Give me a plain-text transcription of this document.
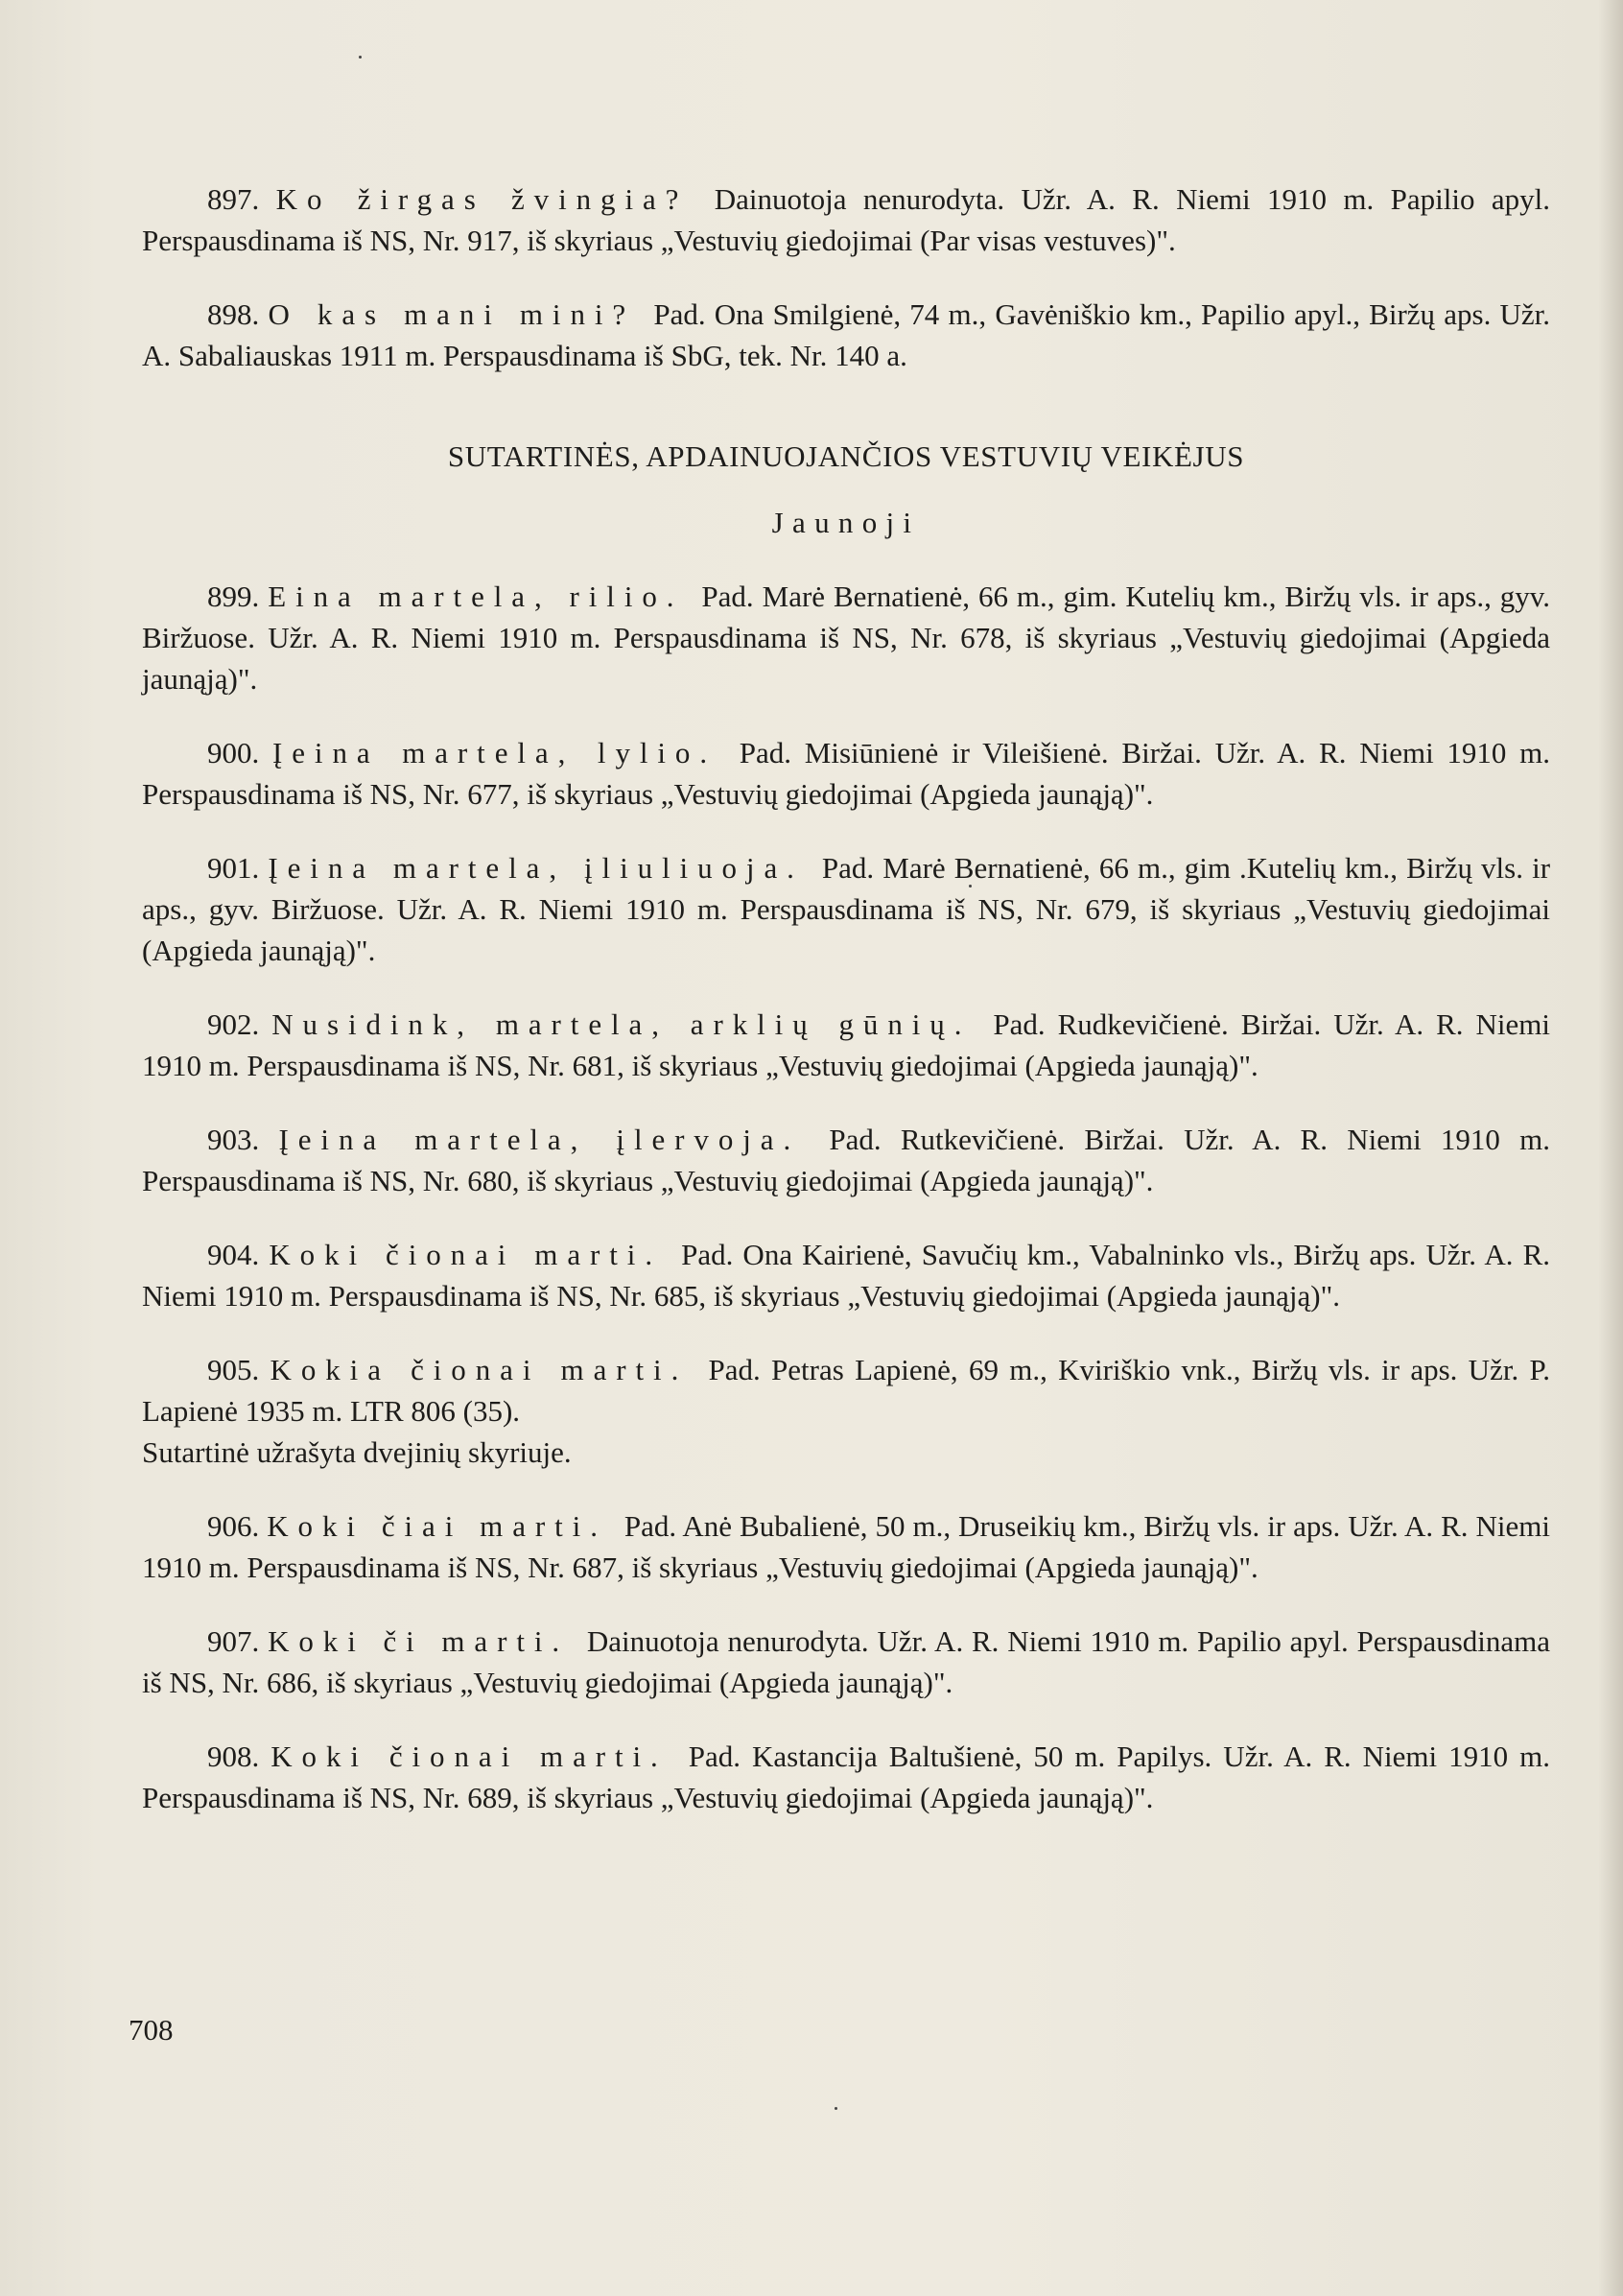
897. Ko žirgas žvingia? Dainuotoja nenurodyta. Užr. A. R. Niemi 1910 m. Papilio apyl. Perspausdinama iš NS, Nr. 917, iš skyriaus „Vestuvių giedojimai (Par visas vestuves)".

898. O kas mani mini? Pad. Ona Smilgienė, 74 m., Gavėniškio km., Papilio apyl., Biržų aps. Užr. A. Sabaliauskas 1911 m. Perspausdinama iš SbG, tek. Nr. 140 a.

SUTARTINĖS, APDAINUOJANČIOS VESTUVIŲ VEIKĖJUS
Jaunoji

899. Eina martela, rilio. Pad. Marė Bernatienė, 66 m., gim. Kutelių km., Biržų vls. ir aps., gyv. Biržuose. Užr. A. R. Niemi 1910 m. Perspausdinama iš NS, Nr. 678, iš skyriaus „Vestuvių giedojimai (Apgieda jaunąją)".

900. Įeina martela, lylio. Pad. Misiūnienė ir Vileišienė. Biržai. Užr. A. R. Niemi 1910 m. Perspausdinama iš NS, Nr. 677, iš skyriaus „Vestuvių giedojimai (Apgieda jaunąją)".

901. Įeina martela, įliuliuoja. Pad. Marė Bernatienė, 66 m., gim .Kutelių km., Biržų vls. ir aps., gyv. Biržuose. Užr. A. R. Niemi 1910 m. Perspausdinama iš NS, Nr. 679, iš skyriaus „Vestuvių giedojimai (Apgieda jaunąją)".

902. Nusidink, martela, arklių gūnių. Pad. Rudkevičienė. Biržai. Užr. A. R. Niemi 1910 m. Perspausdinama iš NS, Nr. 681, iš skyriaus „Vestuvių giedojimai (Apgieda jaunąją)".

903. Įeina martela, įlervoja. Pad. Rutkevičienė. Biržai. Užr. A. R. Niemi 1910 m. Perspausdinama iš NS, Nr. 680, iš skyriaus „Vestuvių giedojimai (Apgieda jaunąją)".

904. Koki čionai marti. Pad. Ona Kairienė, Savučių km., Vabalninko vls., Biržų aps. Užr. A. R. Niemi 1910 m. Perspausdinama iš NS, Nr. 685, iš skyriaus „Vestuvių giedojimai (Apgieda jaunąją)".

905. Kokia čionai marti. Pad. Petras Lapienė, 69 m., Kviriškio vnk., Biržų vls. ir aps. Užr. P. Lapienė 1935 m. LTR 806 (35).
Sutartinė užrašyta dvejinių skyriuje.

906. Koki čiai marti. Pad. Anė Bubalienė, 50 m., Druseikių km., Biržų vls. ir aps. Užr. A. R. Niemi 1910 m. Perspausdinama iš NS, Nr. 687, iš skyriaus „Vestuvių giedojimai (Apgieda jaunąją)".

907. Koki či marti. Dainuotoja nenurodyta. Užr. A. R. Niemi 1910 m. Papilio apyl. Perspausdinama iš NS, Nr. 686, iš skyriaus „Vestuvių giedojimai (Apgieda jaunąją)".

908. Koki čionai marti. Pad. Kastancija Baltušienė, 50 m. Papilys. Užr. A. R. Niemi 1910 m. Perspausdinama iš NS, Nr. 689, iš skyriaus „Vestuvių giedojimai (Apgieda jaunąją)".

708
